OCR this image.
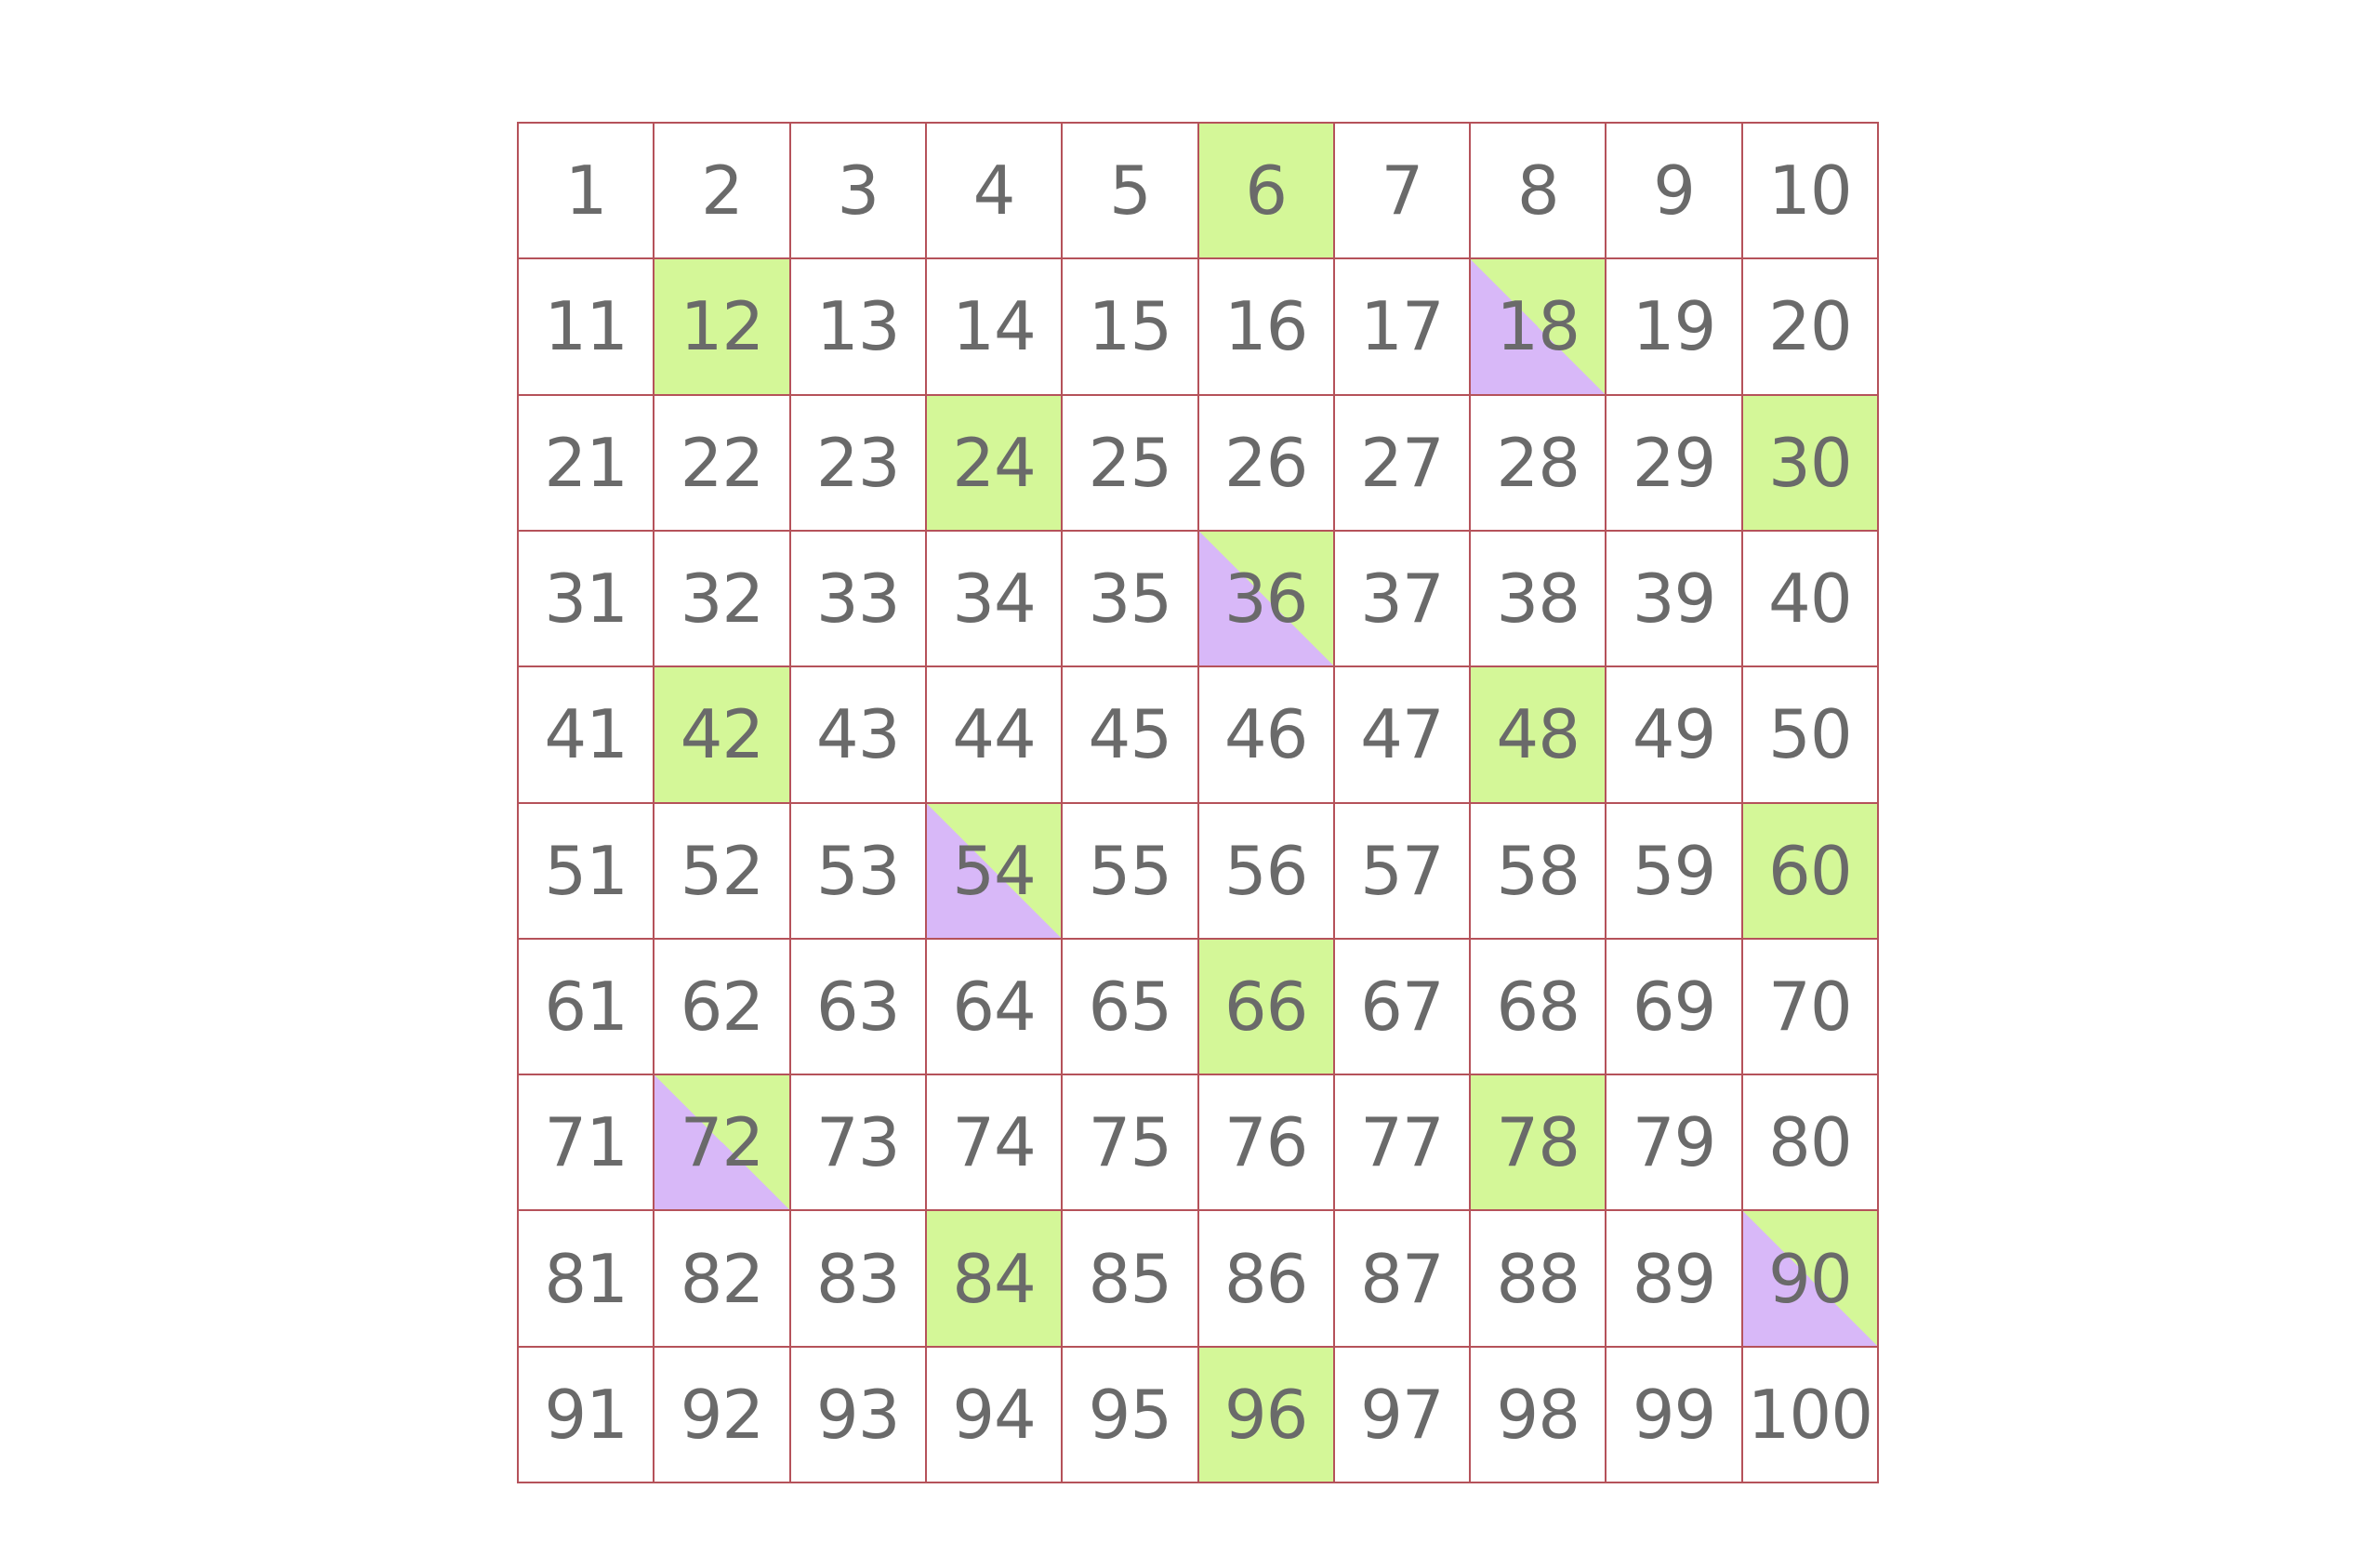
1 2 3 4 5 6 7 8 9 10
11 12 13 14 15 16 17 18 19 20
21 22 23 24 25 26 27 28 29 30
31 32 33 34 35 36 37 38 39 40
41 42 43 44 45 46 47 48 49 50
51 52 53 54 55 56 57 58 59 60
61 62 63 64 65 66 67 68 69 70
71 72 73 74 75 76 77 78 79 80
81 82 83 84 85 86 87 88 89 90
91 92 93 94 95 96 97 98 99 100
